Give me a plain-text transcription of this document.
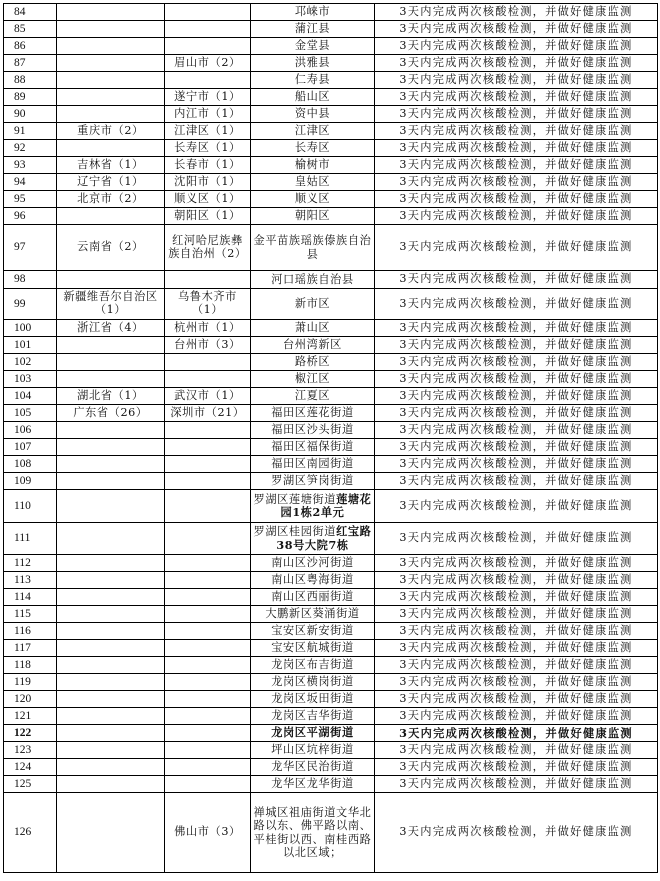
84			邛崃市	3天内完成两次核酸检测，并做好健康监测
85			蒲江县	3天内完成两次核酸检测，并做好健康监测
86			金堂县	3天内完成两次核酸检测，并做好健康监测
87		眉山市（2）	洪雅县	3天内完成两次核酸检测，并做好健康监测
88			仁寿县	3天内完成两次核酸检测，并做好健康监测
89		遂宁市（1）	船山区	3天内完成两次核酸检测，并做好健康监测
90		内江市（1）	资中县	3天内完成两次核酸检测，并做好健康监测
91	重庆市（2）	江津区（1）	江津区	3天内完成两次核酸检测，并做好健康监测
92		长寿区（1）	长寿区	3天内完成两次核酸检测，并做好健康监测
93	吉林省（1）	长春市（1）	榆树市	3天内完成两次核酸检测，并做好健康监测
94	辽宁省（1）	沈阳市（1）	皇姑区	3天内完成两次核酸检测，并做好健康监测
95	北京市（2）	顺义区（1）	顺义区	3天内完成两次核酸检测，并做好健康监测
96		朝阳区（1）	朝阳区	3天内完成两次核酸检测，并做好健康监测
97	云南省（2）	红河哈尼族彝族自治州（2）	金平苗族瑶族傣族自治县	3天内完成两次核酸检测，并做好健康监测
98			河口瑶族自治县	3天内完成两次核酸检测，并做好健康监测
99	新疆维吾尔自治区（1）	乌鲁木齐市（1）	新市区	3天内完成两次核酸检测，并做好健康监测
100	浙江省（4）	杭州市（1）	萧山区	3天内完成两次核酸检测，并做好健康监测
101		台州市（3）	台州湾新区	3天内完成两次核酸检测，并做好健康监测
102			路桥区	3天内完成两次核酸检测，并做好健康监测
103			椒江区	3天内完成两次核酸检测，并做好健康监测
104	湖北省（1）	武汉市（1）	江夏区	3天内完成两次核酸检测，并做好健康监测
105	广东省（26）	深圳市（21）	福田区莲花街道	3天内完成两次核酸检测，并做好健康监测
106			福田区沙头街道	3天内完成两次核酸检测，并做好健康监测
107			福田区福保街道	3天内完成两次核酸检测，并做好健康监测
108			福田区南园街道	3天内完成两次核酸检测，并做好健康监测
109			罗湖区笋岗街道	3天内完成两次核酸检测，并做好健康监测
110			罗湖区莲塘街道莲塘花园1栋2单元	3天内完成两次核酸检测，并做好健康监测
111			罗湖区桂园街道红宝路38号大院7栋	3天内完成两次核酸检测，并做好健康监测
112			南山区沙河街道	3天内完成两次核酸检测，并做好健康监测
113			南山区粤海街道	3天内完成两次核酸检测，并做好健康监测
114			南山区西丽街道	3天内完成两次核酸检测，并做好健康监测
115			大鹏新区葵涌街道	3天内完成两次核酸检测，并做好健康监测
116			宝安区新安街道	3天内完成两次核酸检测，并做好健康监测
117			宝安区航城街道	3天内完成两次核酸检测，并做好健康监测
118			龙岗区布吉街道	3天内完成两次核酸检测，并做好健康监测
119			龙岗区横岗街道	3天内完成两次核酸检测，并做好健康监测
120			龙岗区坂田街道	3天内完成两次核酸检测，并做好健康监测
121			龙岗区吉华街道	3天内完成两次核酸检测，并做好健康监测
122			龙岗区平湖街道	3天内完成两次核酸检测，并做好健康监测
123			坪山区坑梓街道	3天内完成两次核酸检测，并做好健康监测
124			龙华区民治街道	3天内完成两次核酸检测，并做好健康监测
125			龙华区龙华街道	3天内完成两次核酸检测，并做好健康监测
126		佛山市（3）	禅城区祖庙街道文华北路以东、佛平路以南、平桂街以西、南桂西路以北区域；	3天内完成两次核酸检测，并做好健康监测
